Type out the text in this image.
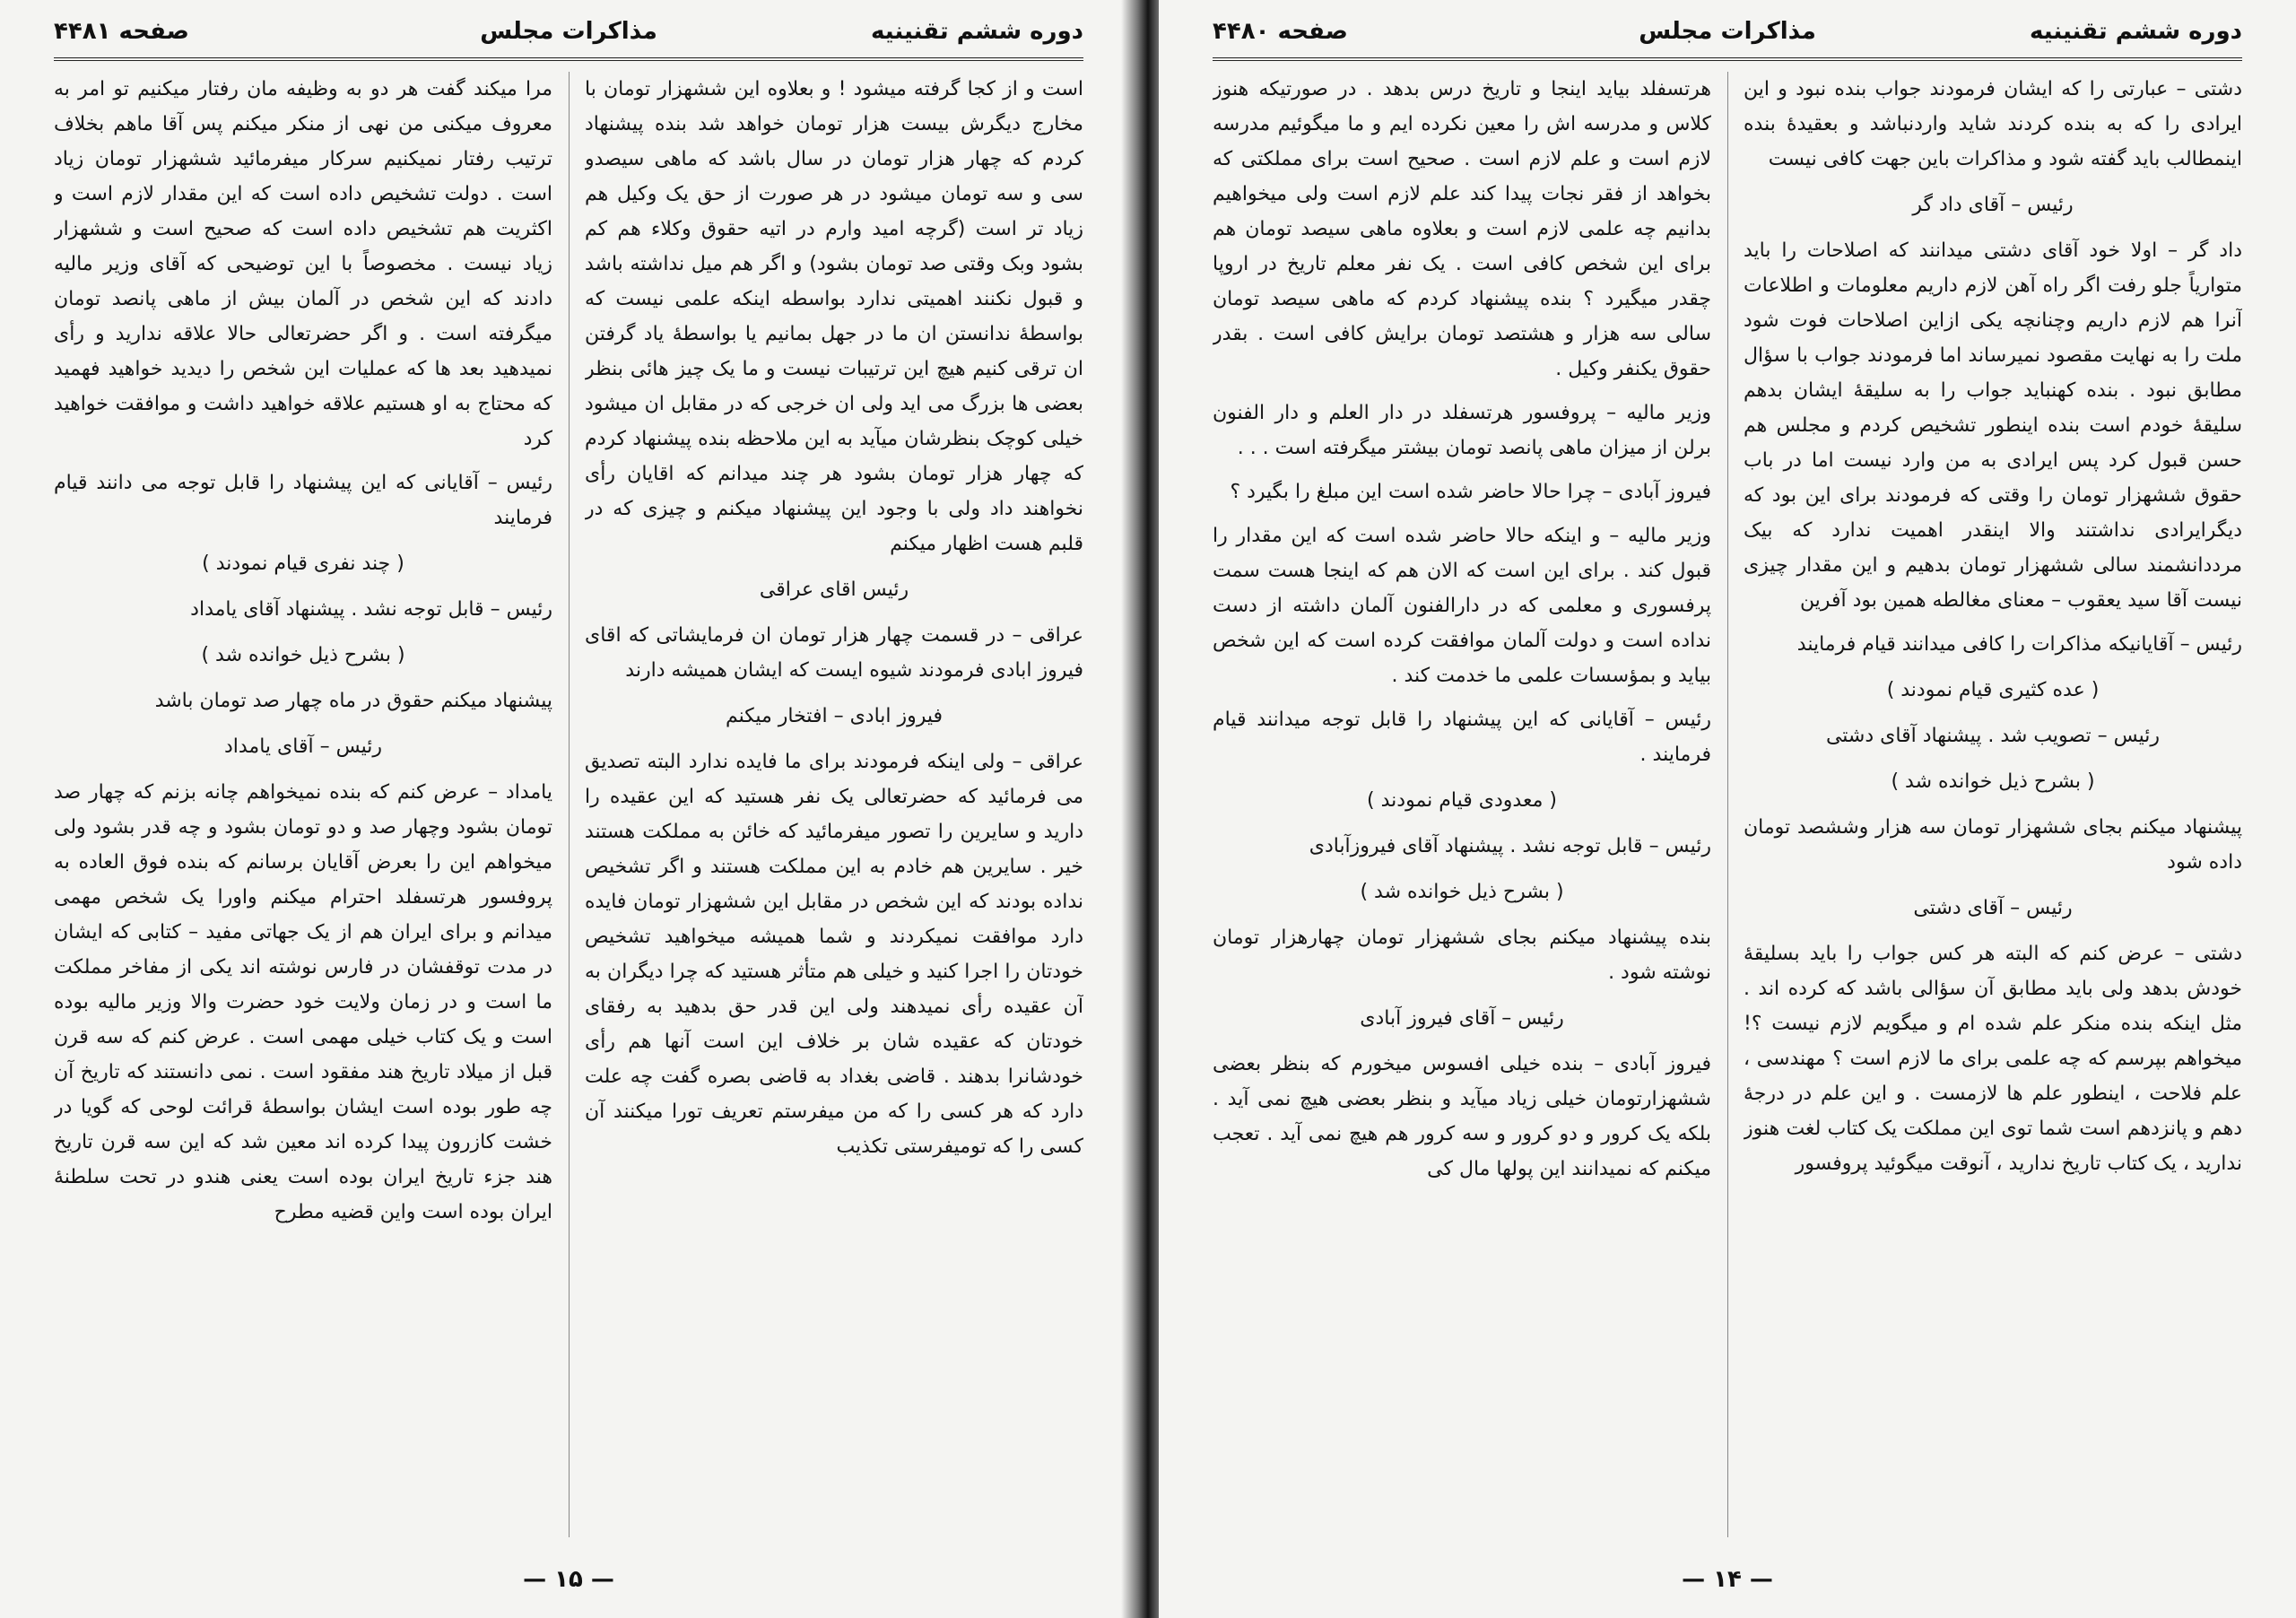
دوره ششم تقنینیه
مذاکرات مجلس
صفحه ۴۴۸۱

است و از کجا گرفته میشود ! و بعلاوه این ششهزار تومان با مخارج دیگرش بیست هزار تومان خواهد شد بنده پیشنهاد کردم که چهار هزار تومان در سال باشد که ماهی سیصدو سی و سه تومان میشود در هر صورت از حق یک وکیل هم زیاد تر است (گرچه امید وارم در اتیه حقوق وکلاء هم کم بشود وبک وقتی صد تومان بشود) و اگر هم میل نداشته باشد و قبول نکنند اهمیتی ندارد بواسطه اینکه علمی نیست که بواسطهٔ ندانستن ان ما در جهل بمانیم یا بواسطهٔ یاد گرفتن ان ترقی کنیم هیچ این ترتیبات نیست و ما یک چیز هائی بنظر بعضی ها بزرگ می اید ولی ان خرجی که در مقابل ان میشود خیلی کوچک بنظرشان میآید به این ملاحظه بنده پیشنهاد کردم که چهار هزار تومان بشود هر چند میدانم که اقایان رأی نخواهند داد ولی با وجود این پیشنهاد میکنم و چیزی که در قلبم هست اظهار میکنم

رئیس اقای عراقی

عراقی – در قسمت چهار هزار تومان ان فرمایشاتی که اقای فیروز ابادی فرمودند شیوه ایست که ایشان همیشه دارند

فیروز ابادی – افتخار میکنم

عراقی – ولی اینکه فرمودند برای ما فایده ندارد البته تصدیق می فرمائید که حضرتعالی یک نفر هستید که این عقیده را دارید و سایرین را تصور میفرمائید که خائن به مملکت هستند خیر . سایرین هم خادم به این مملکت هستند و اگر تشخیص نداده بودند که این شخص در مقابل این ششهزار تومان فایده دارد موافقت نمیکردند و شما همیشه میخواهید تشخیص خودتان را اجرا کنید و خیلی هم متأثر هستید که چرا دیگران به آن عقیده رأی نمیدهند ولی این قدر حق بدهید به رفقای خودتان که عقیده شان بر خلاف این است آنها هم رأی خودشانرا بدهند . قاضی بغداد به قاضی بصره گفت چه علت دارد که هر کسی را که من میفرستم تعریف تورا میکنند آن کسی را که تومیفرستی تکذیب

مرا میکند گفت هر دو به وظیفه مان رفتار میکنیم تو امر به معروف میکنی من نهی از منکر میکنم پس آقا ماهم بخلاف ترتیب رفتار نمیکنیم سرکار میفرمائید ششهزار تومان زیاد است . دولت تشخیص داده است که این مقدار لازم است و اکثریت هم تشخیص داده است که صحیح است و ششهزار زیاد نیست . مخصوصاً با این توضیحی که آقای وزیر مالیه دادند که این شخص در آلمان بیش از ماهی پانصد تومان میگرفته است . و اگر حضرتعالی حالا علاقه ندارید و رأی نمیدهید بعد ها که عملیات این شخص را دیدید خواهید فهمید که محتاج به او هستیم علاقه خواهید داشت و موافقت خواهید کرد

رئیس – آقایانی که این پیشنهاد را قابل توجه می دانند قیام فرمایند

( چند نفری قیام نمودند )

رئیس – قابل توجه نشد . پیشنهاد آقای یامداد

( بشرح ذیل خوانده شد )

پیشنهاد میکنم حقوق در ماه چهار صد تومان باشد

رئیس – آقای یامداد

یامداد – عرض کنم که بنده نمیخواهم چانه بزنم که چهار صد تومان بشود وچهار صد و دو تومان بشود و چه قدر بشود ولی میخواهم این را بعرض آقایان برسانم که بنده فوق العاده به پروفسور هرتسفلد احترام میکنم واورا یک شخص مهمی میدانم و برای ایران هم از یک جهاتی مفید – کتابی که ایشان در مدت توقفشان در فارس نوشته اند یکی از مفاخر مملکت ما است و در زمان ولایت خود حضرت والا وزیر مالیه بوده است و یک کتاب خیلی مهمی است . عرض کنم که سه قرن قبل از میلاد تاریخ هند مفقود است . نمی دانستند که تاریخ آن چه طور بوده است ایشان بواسطهٔ قرائت لوحی که گویا در خشت کازرون پیدا کرده اند معین شد که این سه قرن تاریخ هند جزء تاریخ ایران بوده است یعنی هندو در تحت سلطنهٔ ایران بوده است واین قضیه مطرح

— ۱۵ —
دوره ششم تقنینیه
مذاکرات مجلس
صفحه ۴۴۸۰

دشتی – عبارتی را که ایشان فرمودند جواب بنده نبود و این ایرادی را که به بنده کردند شاید واردنباشد و بعقیدهٔ بنده اینمطالب باید گفته شود و مذاکرات باین جهت کافی نیست

رئیس – آقای داد گر

داد گر – اولا خود آقای دشتی میدانند که اصلاحات را باید متواریاً جلو رفت اگر راه آهن لازم داریم معلومات و اطلاعات آنرا هم لازم داریم وچنانچه یکی ازاین اصلاحات فوت شود ملت را به نهایت مقصود نمیرساند اما فرمودند جواب با سؤال مطابق نبود . بنده کهنباید جواب را به سلیقهٔ ایشان بدهم سلیقهٔ خودم است بنده اینطور تشخیص کردم و مجلس هم حسن قبول کرد پس ایرادی به من وارد نیست اما در باب حقوق ششهزار تومان را وقتی که فرمودند برای این بود که دیگرایرادی نداشتند والا اینقدر اهمیت ندارد که بیک مرددانشمند سالی ششهزار تومان بدهیم و این مقدار چیزی نیست آقا سید یعقوب – معنای مغالطه همین بود آفرین

رئیس – آقایانیکه مذاکرات را کافی میدانند قیام فرمایند

( عده کثیری قیام نمودند )

رئیس – تصویب شد . پیشنهاد آقای دشتی

( بشرح ذیل خوانده شد )

پیشنهاد میکنم بجای ششهزار تومان سه هزار وششصد تومان داده شود

رئیس – آقای دشتی

دشتی – عرض کنم که البته هر کس جواب را باید بسلیقهٔ خودش بدهد ولی باید مطابق آن سؤالی باشد که کرده اند . مثل اینکه بنده منکر علم شده ام و میگویم لازم نیست ؟! میخواهم بپرسم که چه علمی برای ما لازم است ؟ مهندسی ، علم فلاحت ، اینطور علم ها لازمست . و این علم در درجهٔ دهم و پانزدهم است شما توی این مملکت یک کتاب لغت هنوز ندارید ، یک کتاب تاریخ ندارید ، آنوقت میگوئید پروفسور

هرتسفلد بیاید اینجا و تاریخ درس بدهد . در صورتیکه هنوز کلاس و مدرسه اش را معین نکرده ایم و ما میگوئیم مدرسه لازم است و علم لازم است . صحیح است برای مملکتی که بخواهد از فقر نجات پیدا کند علم لازم است ولی میخواهیم بدانیم چه علمی لازم است و بعلاوه ماهی سیصد تومان هم برای این شخص کافی است . یک نفر معلم تاریخ در اروپا چقدر میگیرد ؟ بنده پیشنهاد کردم که ماهی سیصد تومان سالی سه هزار و هشتصد تومان برایش کافی است . بقدر حقوق یکنفر وکیل .

وزیر مالیه – پروفسور هرتسفلد در دار العلم و دار الفنون برلن از میزان ماهی پانصد تومان بیشتر میگرفته است . . .

فیروز آبادی – چرا حالا حاضر شده است این مبلغ را بگیرد ؟

وزیر مالیه – و اینکه حالا حاضر شده است که این مقدار را قبول کند . برای این است که الان هم که اینجا هست سمت پرفسوری و معلمی که در دارالفنون آلمان داشته از دست نداده است و دولت آلمان موافقت کرده است که این شخص بیاید و بمؤسسات علمی ما خدمت کند .

رئیس – آقایانی که این پیشنهاد را قابل توجه میدانند قیام فرمایند .

( معدودی قیام نمودند )

رئیس – قابل توجه نشد . پیشنهاد آقای فیروزآبادی

( بشرح ذیل خوانده شد )

بنده پیشنهاد میکنم بجای ششهزار تومان چهارهزار تومان نوشته شود .

رئیس – آقای فیروز آبادی

فیروز آبادی – بنده خیلی افسوس میخورم که بنظر بعضی ششهزارتومان خیلی زیاد میآید و بنظر بعضی هیچ نمی آید . بلکه یک کرور و دو کرور و سه کرور هم هیچ نمی آید . تعجب میکنم که نمیدانند این پولها مال کی

— ۱۴ —
